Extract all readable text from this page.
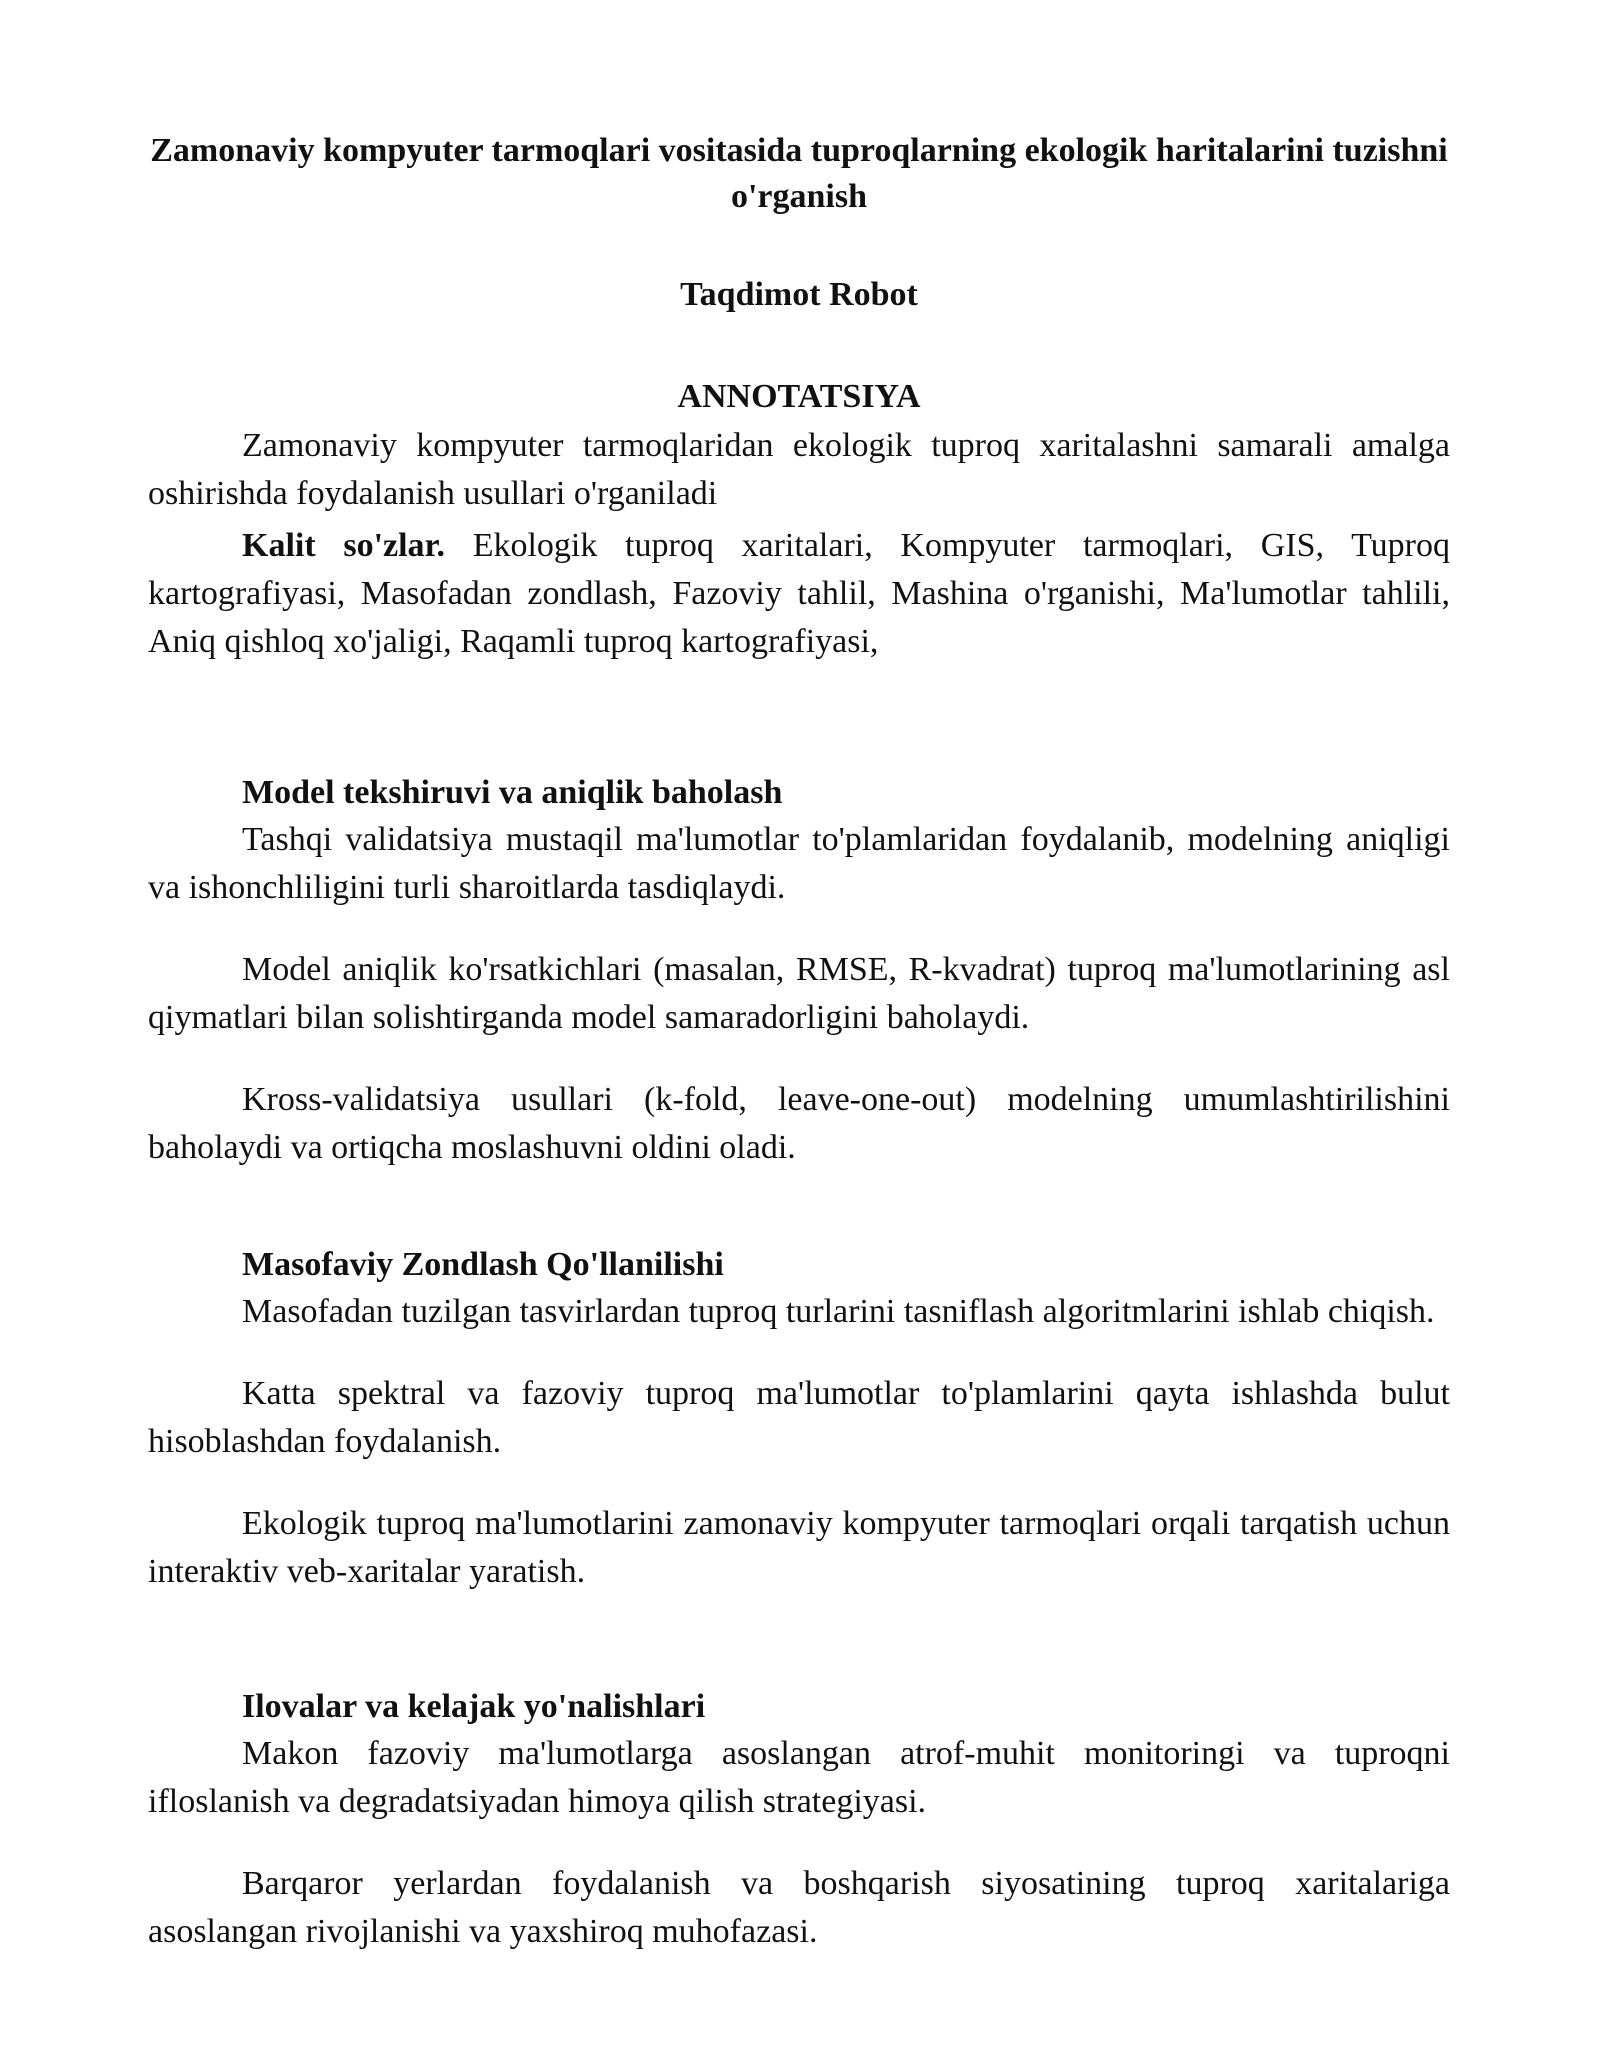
Zamonaviy kompyuter tarmoqlari vositasida tuproqlarning ekologik haritalarini tuzishni o'rganish
Taqdimot Robot
ANNOTATSIYA

Zamonaviy kompyuter tarmoqlaridan ekologik tuproq xaritalashni samarali amalga oshirishda foydalanish usullari o'rganiladi

Kalit so'zlar. Ekologik tuproq xaritalari, Kompyuter tarmoqlari, GIS, Tuproq kartografiyasi, Masofadan zondlash, Fazoviy tahlil, Mashina o'rganishi, Ma'lumotlar tahlili, Aniq qishloq xo'jaligi, Raqamli tuproq kartografiyasi,

Model tekshiruvi va aniqlik baholash

Tashqi validatsiya mustaqil ma'lumotlar to'plamlaridan foydalanib, modelning aniqligi va ishonchliligini turli sharoitlarda tasdiqlaydi.

Model aniqlik ko'rsatkichlari (masalan, RMSE, R-kvadrat) tuproq ma'lumotlarining asl qiymatlari bilan solishtirganda model samaradorligini baholaydi.

Kross-validatsiya usullari (k-fold, leave-one-out) modelning umumlashtirilishini baholaydi va ortiqcha moslashuvni oldini oladi.

Masofaviy Zondlash Qo'llanilishi

Masofadan tuzilgan tasvirlardan tuproq turlarini tasniflash algoritmlarini ishlab chiqish.

Katta spektral va fazoviy tuproq ma'lumotlar to'plamlarini qayta ishlashda bulut hisoblashdan foydalanish.

Ekologik tuproq ma'lumotlarini zamonaviy kompyuter tarmoqlari orqali tarqatish uchun interaktiv veb-xaritalar yaratish.

Ilovalar va kelajak yo'nalishlari

Makon fazoviy ma'lumotlarga asoslangan atrof-muhit monitoringi va tuproqni ifloslanish va degradatsiyadan himoya qilish strategiyasi.

Barqaror yerlardan foydalanish va boshqarish siyosatining tuproq xaritalariga asoslangan rivojlanishi va yaxshiroq muhofazasi.
